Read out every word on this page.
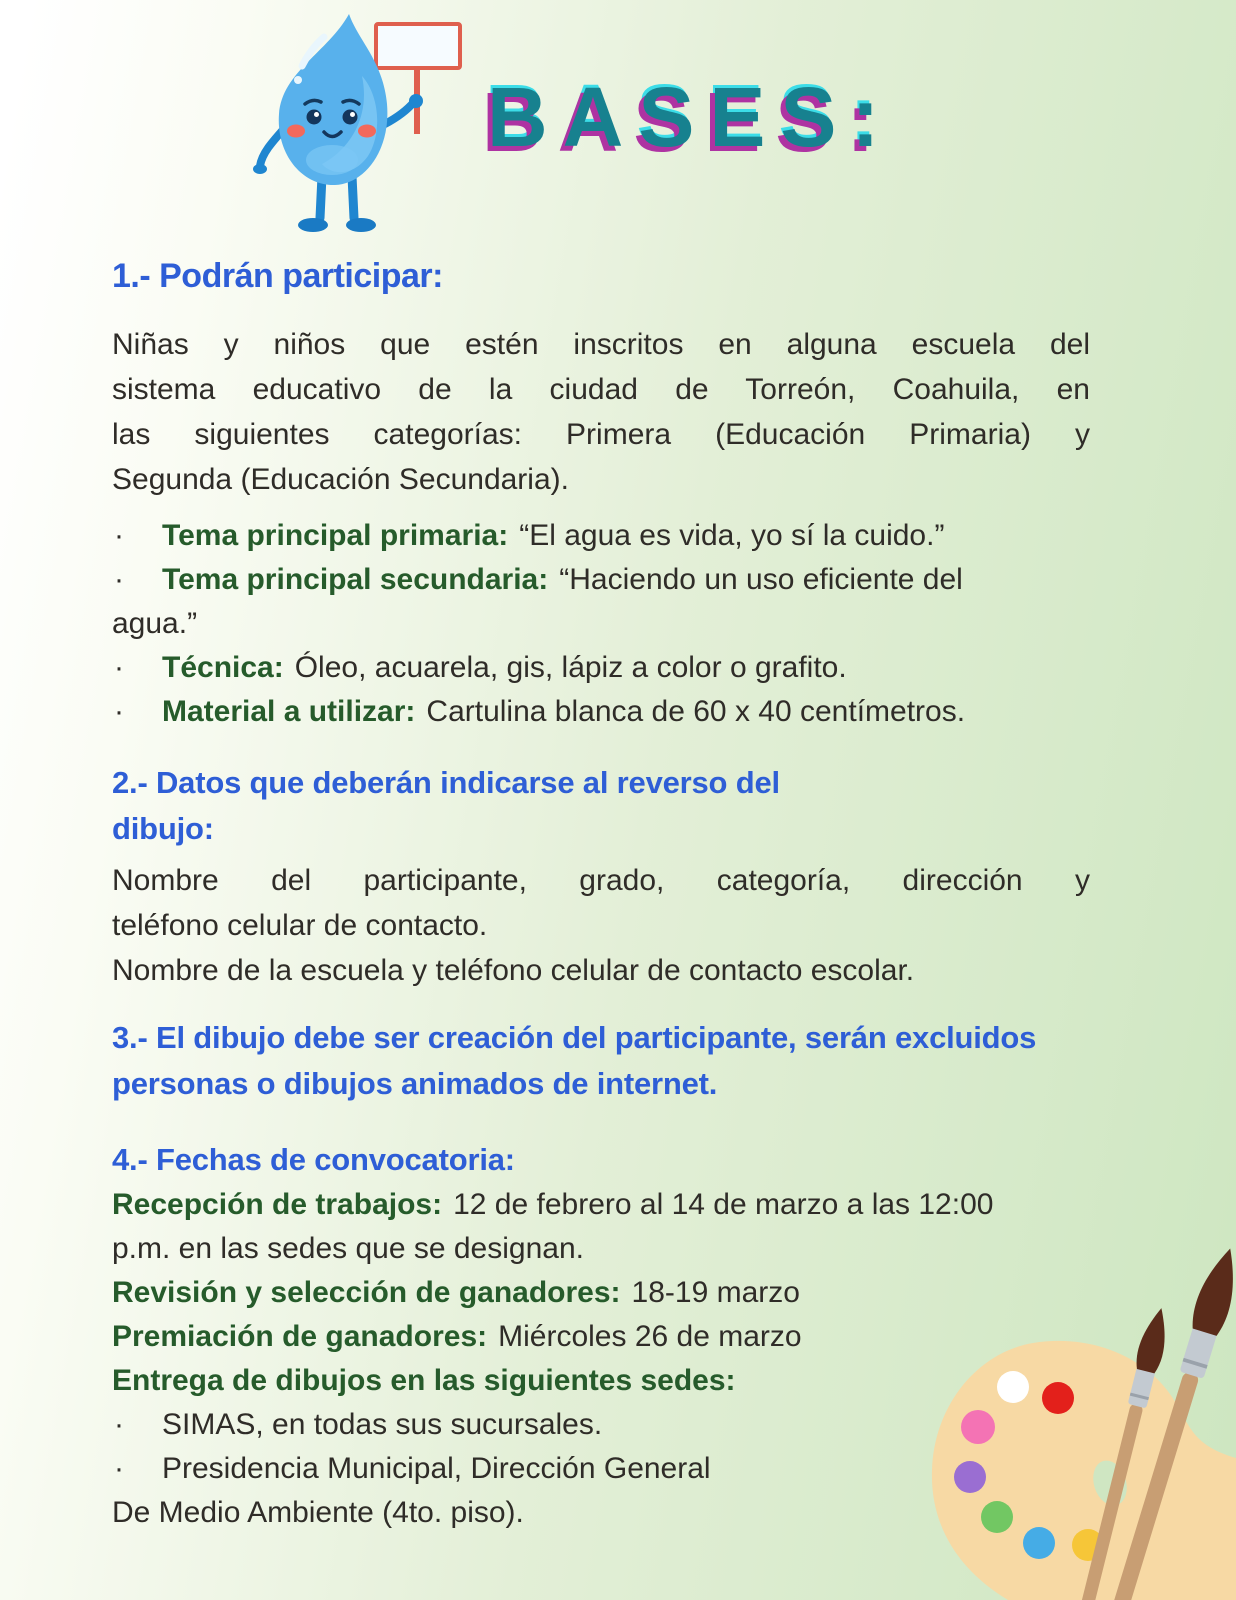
BASES:

1.- Podrán participar:

Niñas y niños que estén inscritos en alguna escuela del
sistema educativo de la ciudad de Torreón, Coahuila, en
las siguientes categorías: Primera (Educación Primaria) y
Segunda (Educación Secundaria).

· Tema principal primaria: “El agua es vida, yo sí la cuido.”

· Tema principal secundaria: “Haciendo un uso eficiente del

agua.”

· Técnica: Óleo, acuarela, gis, lápiz a color o grafito.

· Material a utilizar: Cartulina blanca de 60 x 40 centímetros.

2.- Datos que deberán indicarse al reverso del
dibujo:

Nombre del participante, grado, categoría, dirección y
teléfono celular de contacto.
Nombre de la escuela y teléfono celular de contacto escolar.

3.- El dibujo debe ser creación del participante, serán excluidos
personas o dibujos animados de internet.

4.- Fechas de convocatoria:

Recepción de trabajos: 12 de febrero al 14 de marzo a las 12:00

p.m. en las sedes que se designan.

Revisión y selección de ganadores: 18-19 marzo

Premiación de ganadores: Miércoles 26 de marzo

Entrega de dibujos en las siguientes sedes:

· SIMAS, en todas sus sucursales.

· Presidencia Municipal, Dirección General

De Medio Ambiente (4to. piso).
